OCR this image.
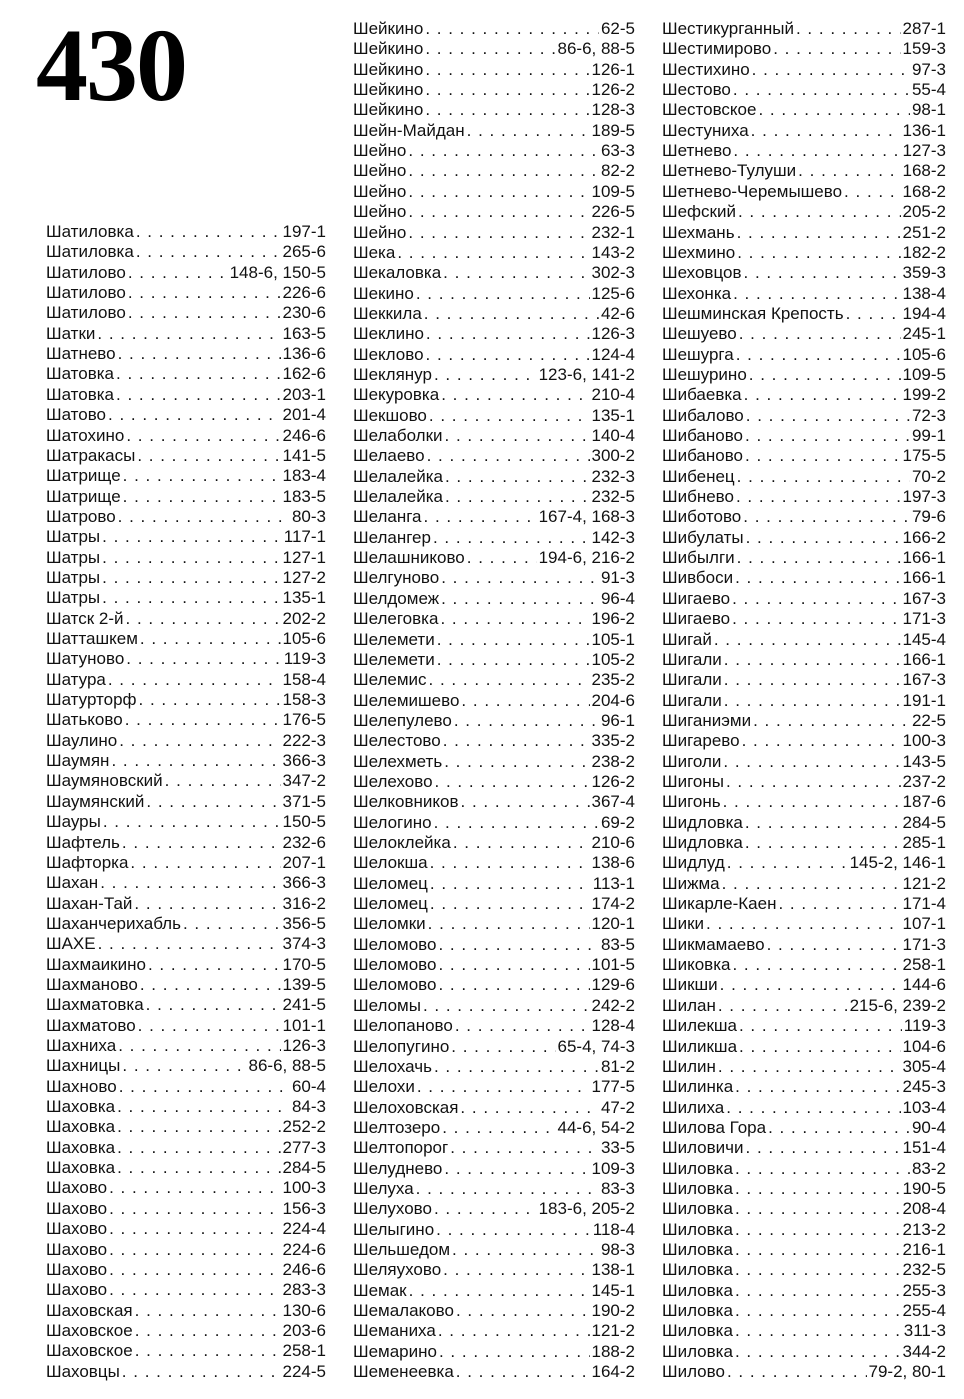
430
Шатиловка . . .	197-1
Шатиловка . . .	265-6
Шатилово . . .	148-6, 150-5
Шатилово . . .	226-6
Шатилово . . .	230-6
Шатки . . .	163-5
Шатнево . . .	136-6
Шатовка . . .	162-6
Шатовка . . .	203-1
Шатово . . .	201-4
Шатохино . . .	246-6
Шатракасы . . .	141-5
Шатрище . . .	183-4
Шатрище . . .	183-5
Шатрово . . .	80-3
Шатры . . .	117-1
Шатры . . .	127-1
Шатры . . .	127-2
Шатры . . .	135-1
Шатск 2-й . . .	202-2
Шатташкем . . .	105-6
Шатуново . . .	119-3
Шатура . . .	158-4
Шатурторф . . .	158-3
Шатьково . . .	176-5
Шаулино . . .	222-3
Шаумян . . .	366-3
Шаумяновский . . .	347-2
Шаумянский . . .	371-5
Шауры . . .	150-5
Шафтель . . .	232-6
Шафторка . . .	207-1
Шахан . . .	366-3
Шахан-Тай . . .	316-2
Шаханчерихабль . . .	356-5
ШАХЕ . . .	374-3
Шахмаикино . . .	170-5
Шахманово . . .	139-5
Шахматовка . . .	241-5
Шахматово . . .	101-1
Шахниха . . .	126-3
Шахницы . . .	86-6, 88-5
Шахново . . .	60-4
Шаховка . . .	84-3
Шаховка . . .	252-2
Шаховка . . .	277-3
Шаховка . . .	284-5
Шахово . . .	100-3
Шахово . . .	156-3
Шахово . . .	224-4
Шахово . . .	224-6
Шахово . . .	246-6
Шахово . . .	283-3
Шаховская . . .	130-6
Шаховское . . .	203-6
Шаховское . . .	258-1
Шаховцы . . .	224-5
Шейкино . . .	62-5
Шейкино . . .	86-6, 88-5
Шейкино . . .	126-1
Шейкино . . .	126-2
Шейкино . . .	128-3
Шейн-Майдан . . .	189-5
Шейно . . .	63-3
Шейно . . .	82-2
Шейно . . .	109-5
Шейно . . .	226-5
Шейно . . .	232-1
Шека . . .	143-2
Шекаловка . . .	302-3
Шекино . . .	125-6
Шеккила . . .	42-6
Шеклино . . .	126-3
Шеклово . . .	124-4
Шеклянур . . .	123-6, 141-2
Шекуровка . . .	210-4
Шекшово . . .	135-1
Шелаболки . . .	140-4
Шелаево . . .	300-2
Шелалейка . . .	232-3
Шелалейка . . .	232-5
Шеланга . . .	167-4, 168-3
Шелангер . . .	142-3
Шелашниково . . .	194-6, 216-2
Шелгуново . . .	91-3
Шелдомеж . . .	96-4
Шелеговка . . .	196-2
Шелемети . . .	105-1
Шелемети . . .	105-2
Шелемис . . .	235-2
Шелемишево . . .	204-6
Шелепулево . . .	96-1
Шелестово . . .	335-2
Шелехметь . . .	238-2
Шелехово . . .	126-2
Шелковников . . .	367-4
Шелогино . . .	69-2
Шелоклейка . . .	210-6
Шелокша . . .	138-6
Шеломец . . .	113-1
Шеломец . . .	174-2
Шеломки . . .	120-1
Шеломово . . .	83-5
Шеломово . . .	101-5
Шеломово . . .	129-6
Шеломы . . .	242-2
Шелопаново . . .	128-4
Шелопугино . . .	65-4, 74-3
Шелохачь . . .	81-2
Шелохи . . .	177-5
Шелоховская . . .	47-2
Шелтозеро . . .	44-6, 54-2
Шелтопорог . . .	33-5
Шелуднево . . .	109-3
Шелуха . . .	83-3
Шелухово . . .	183-6, 205-2
Шелыгино . . .	118-4
Шельшедом . . .	98-3
Шеляухово . . .	138-1
Шемак . . .	145-1
Шемалаково . . .	190-2
Шеманиха . . .	121-2
Шемарино . . .	188-2
Шеменеевка . . .	164-2
Шестикурганный . . .	287-1
Шестимирово . . .	159-3
Шестихино . . .	97-3
Шестово . . .	55-4
Шестовское . . .	98-1
Шестуниха . . .	136-1
Шетнево . . .	127-3
Шетнево-Тулуши . . .	168-2
Шетнево-Черемышево . . .	168-2
Шефский . . .	205-2
Шехмань . . .	251-2
Шехмино . . .	182-2
Шеховцов . . .	359-3
Шехонка . . .	138-4
Шешминская Крепость . . .	194-4
Шешуево . . .	245-1
Шешурга . . .	105-6
Шешурино . . .	109-5
Шибаевка . . .	199-2
Шибалово . . .	72-3
Шибаново . . .	99-1
Шибаново . . .	175-5
Шибенец . . .	70-2
Шибнево . . .	197-3
Шиботово . . .	79-6
Шибулаты . . .	166-2
Шибылги . . .	166-1
Шивбоси . . .	166-1
Шигаево . . .	167-3
Шигаево . . .	171-3
Шигай . . .	145-4
Шигали . . .	166-1
Шигали . . .	167-3
Шигали . . .	191-1
Шиганиэми . . .	22-5
Шигарево . . .	100-3
Шиголи . . .	143-5
Шигоны . . .	237-2
Шигонь . . .	187-6
Шидловка . . .	284-5
Шидловка . . .	285-1
Шидлуд . . .	145-2, 146-1
Шижма . . .	121-2
Шикарле-Каен . . .	171-4
Шики . . .	107-1
Шикмамаево . . .	171-3
Шиковка . . .	258-1
Шикши . . .	144-6
Шилан . . .	215-6, 239-2
Шилекша . . .	119-3
Шиликша . . .	104-6
Шилин . . .	305-4
Шилинка . . .	245-3
Шилиха . . .	103-4
Шилова Гора . . .	90-4
Шиловичи . . .	151-4
Шиловка . . .	83-2
Шиловка . . .	190-5
Шиловка . . .	208-4
Шиловка . . .	213-2
Шиловка . . .	216-1
Шиловка . . .	232-5
Шиловка . . .	255-3
Шиловка . . .	255-4
Шиловка . . .	311-3
Шиловка . . .	344-2
Шилово . . .	79-2, 80-1
